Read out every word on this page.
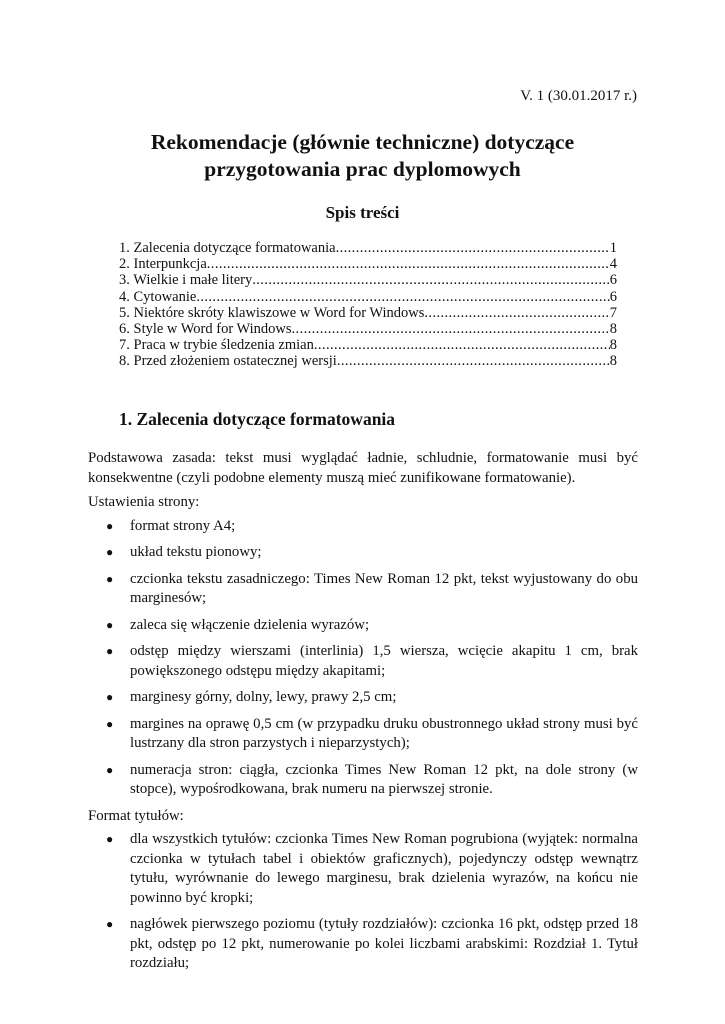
V. 1 (30.01.2017 r.)
Rekomendacje (głównie techniczne) dotyczące
przygotowania prac dyplomowych
Spis treści
1. Zalecenia dotyczące formatowania .....	1
2. Interpunkcja .....	4
3. Wielkie i małe litery .....	6
4. Cytowanie .....	6
5. Niektóre skróty klawiszowe w Word for Windows .....	7
6. Style w Word for Windows .....	8
7. Praca w trybie śledzenia zmian .....	8
8. Przed złożeniem ostatecznej wersji .....	8
1. Zalecenia dotyczące formatowania

Podstawowa zasada: tekst musi wyglądać ładnie, schludnie, formatowanie musi być konsekwentne (czyli podobne elementy muszą mieć zunifikowane formatowanie).

Ustawienia strony:
● format strony A4;
● układ tekstu pionowy;
● czcionka tekstu zasadniczego: Times New Roman 12 pkt, tekst wyjustowany do obu marginesów;
● zaleca się włączenie dzielenia wyrazów;
● odstęp między wierszami (interlinia) 1,5 wiersza, wcięcie akapitu 1 cm, brak powiększonego odstępu między akapitami;
● marginesy górny, dolny, lewy, prawy 2,5 cm;
● margines na oprawę 0,5 cm (w przypadku druku obustronnego układ strony musi być lustrzany dla stron parzystych i nieparzystych);
● numeracja stron: ciągła, czcionka Times New Roman 12 pkt, na dole strony (w stopce), wypośrodkowana, brak numeru na pierwszej stronie.
Format tytułów:
● dla wszystkich tytułów: czcionka Times New Roman pogrubiona (wyjątek: normalna czcionka w tytułach tabel i obiektów graficznych), pojedynczy odstęp wewnątrz tytułu, wyrównanie do lewego marginesu, brak dzielenia wyrazów, na końcu nie powinno być kropki;
● nagłówek pierwszego poziomu (tytuły rozdziałów): czcionka 16 pkt, odstęp przed 18 pkt, odstęp po 12 pkt, numerowanie po kolei liczbami arabskimi: Rozdział 1. Tytuł rozdziału;
